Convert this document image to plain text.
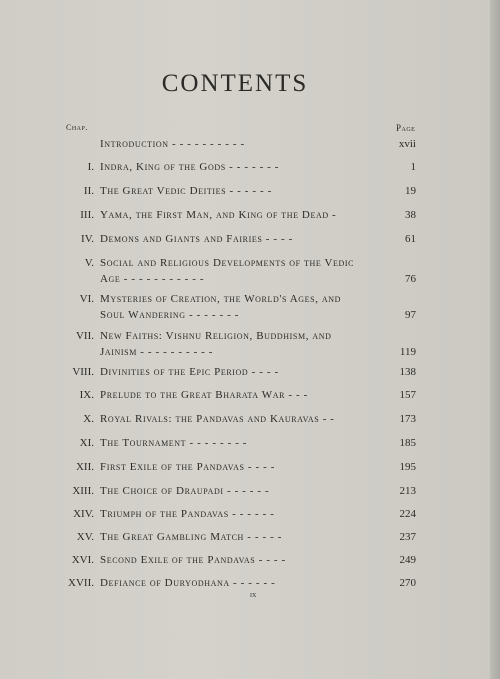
CONTENTS
Chap.	Page
Introduction - - - - - - - - - -	xvii
I. Indra, King of the Gods - - - - - - -	1
II. The Great Vedic Deities - - - - - -	19
III. Yama, the First Man, and King of the Dead -	38
IV. Demons and Giants and Fairies - - - -	61
V. Social and Religious Developments of the Vedic
Age - - - - - - - - - - -	76
VI. Mysteries of Creation, the World's Ages, and
Soul Wandering - - - - - - -	97
VII. New Faiths: Vishnu Religion, Buddhism, and
Jainism - - - - - - - - - -	119
VIII. Divinities of the Epic Period - - - -	138
IX. Prelude to the Great Bharata War - - -	157
X. Royal Rivals: the Pandavas and Kauravas - -	173
XI. The Tournament - - - - - - - -	185
XII. First Exile of the Pandavas - - - -	195
XIII. The Choice of Draupadi - - - - - -	213
XIV. Triumph of the Pandavas - - - - - -	224
XV. The Great Gambling Match - - - - -	237
XVI. Second Exile of the Pandavas - - - -	249
XVII. Defiance of Duryodhana - - - - - -	270
ix
